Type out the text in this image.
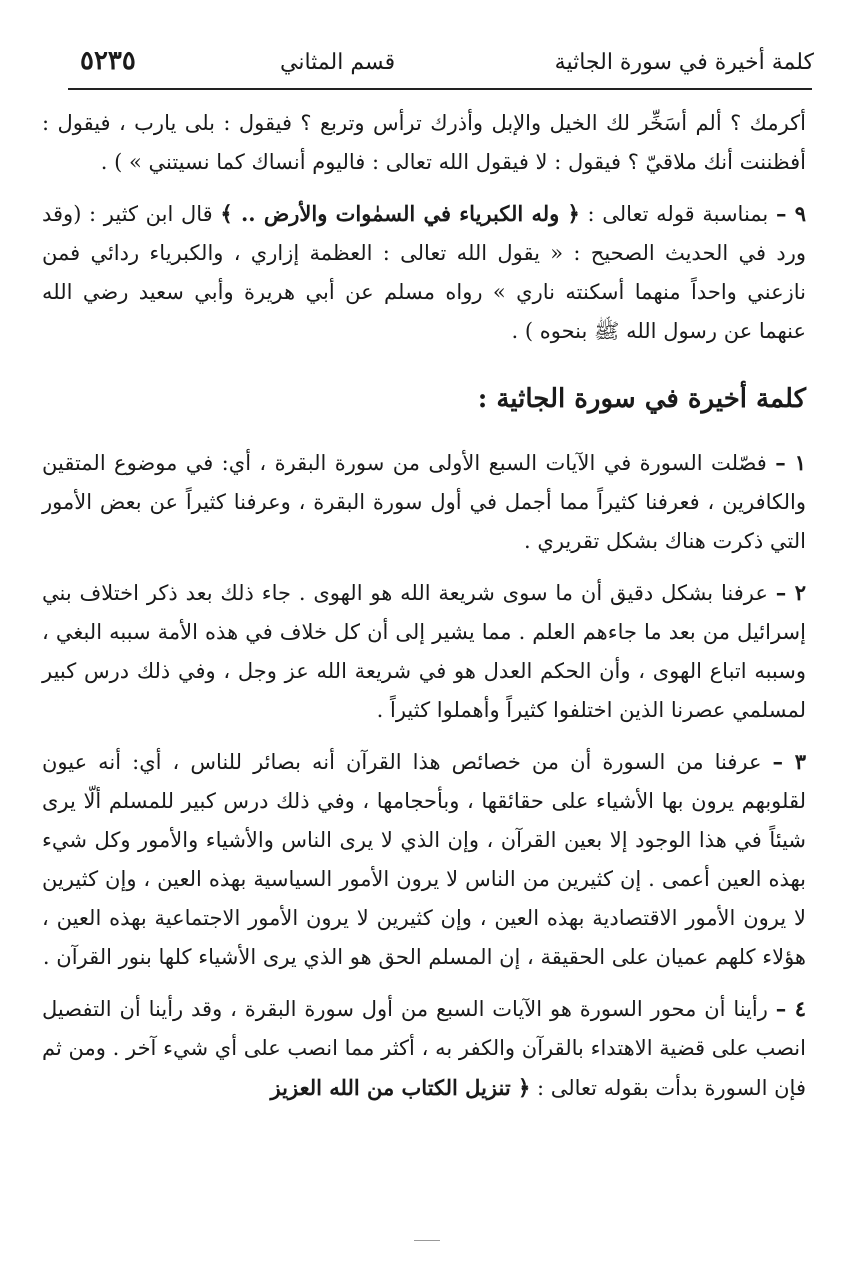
كلمة أخيرة في سورة الجاثية
قسم المثاني
٥٢٣٥

أكرمك ؟ ألم أسَخِّر لك الخيل والإبل وأذرك ترأس وتربع ؟ فيقول : بلى يارب ، فيقول : أفظننت أنك ملاقيّ ؟ فيقول : لا فيقول الله تعالى : فاليوم أنساك كما نسيتني » ) .

٩ – بمناسبة قوله تعالى : ﴿ وله الكبرياء في السمٰوات والأرض .. ﴾ قال ابن كثير : (وقد ورد في الحديث الصحيح : « يقول الله تعالى : العظمة إزاري ، والكبرياء ردائي فمن نازعني واحداً منهما أسكنته ناري » رواه مسلم عن أبي هريرة وأبي سعيد رضي الله عنهما عن رسول الله ﷺ بنحوه ) .

كلمة أخيرة في سورة الجاثية :

١ – فصّلت السورة في الآيات السبع الأولى من سورة البقرة ، أي: في موضوع المتقين والكافرين ، فعرفنا كثيراً مما أجمل في أول سورة البقرة ، وعرفنا كثيراً عن بعض الأمور التي ذكرت هناك بشكل تقريري .

٢ – عرفنا بشكل دقيق أن ما سوى شريعة الله هو الهوى . جاء ذلك بعد ذكر اختلاف بني إسرائيل من بعد ما جاءهم العلم . مما يشير إلى أن كل خلاف في هذه الأمة سببه البغي ، وسببه اتباع الهوى ، وأن الحكم العدل هو في شريعة الله عز وجل ، وفي ذلك درس كبير لمسلمي عصرنا الذين اختلفوا كثيراً وأهملوا كثيراً .

٣ – عرفنا من السورة أن من خصائص هذا القرآن أنه بصائر للناس ، أي: أنه عيون لقلوبهم يرون بها الأشياء على حقائقها ، وبأحجامها ، وفي ذلك درس كبير للمسلم ألّا يرى شيئاً في هذا الوجود إلا بعين القرآن ، وإن الذي لا يرى الناس والأشياء والأمور وكل شيء بهذه العين أعمى . إن كثيرين من الناس لا يرون الأمور السياسية بهذه العين ، وإن كثيرين لا يرون الأمور الاقتصادية بهذه العين ، وإن كثيرين لا يرون الأمور الاجتماعية بهذه العين ، هؤلاء كلهم عميان على الحقيقة ، إن المسلم الحق هو الذي يرى الأشياء كلها بنور القرآن .

٤ – رأينا أن محور السورة هو الآيات السبع من أول سورة البقرة ، وقد رأينا أن التفصيل انصب على قضية الاهتداء بالقرآن والكفر به ، أكثر مما انصب على أي شيء آخر . ومن ثم فإن السورة بدأت بقوله تعالى : ﴿ تنزيل الكتاب من الله العزيز
